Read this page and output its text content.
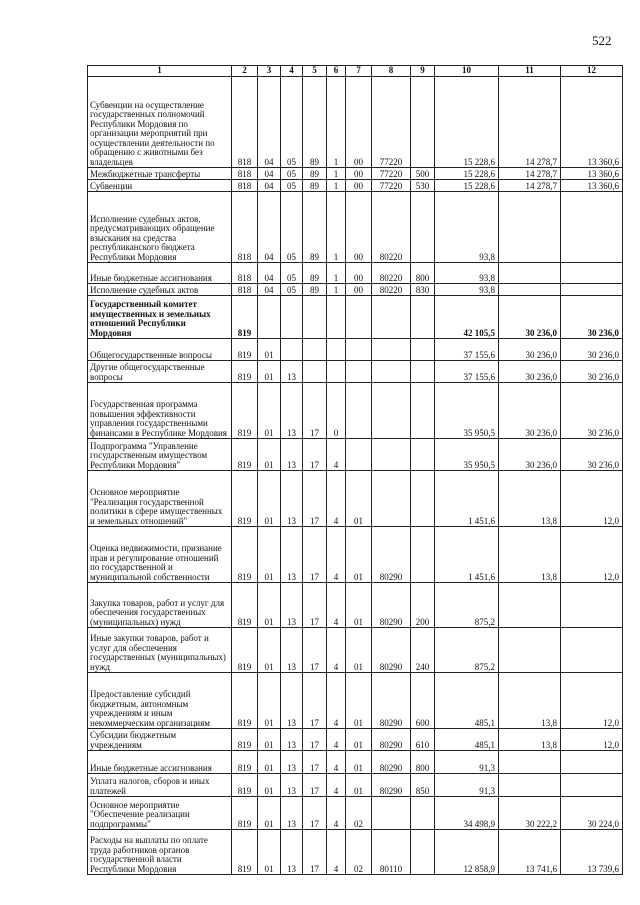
522
1	2	3	4	5	6	7	8	9	10	11	12
Субвенции на осуществление государственных полномочий Республики Мордовия по организации мероприятий при осуществлении деятельности по обращению с животными без владельцев	818	04	05	89	1	00	77220		15 228,6	14 278,7	13 360,6
Межбюджетные трансферты	818	04	05	89	1	00	77220	500	15 228,6	14 278,7	13 360,6
Субвенции	818	04	05	89	1	00	77220	530	15 228,6	14 278,7	13 360,6
Исполнение судебных актов, предусматривающих обращение взыскания на средства республиканского бюджета Республики Мордовия	818	04	05	89	1	00	80220		93,8		
Иные бюджетные ассигнования	818	04	05	89	1	00	80220	800	93,8		
Исполнение судебных актов	818	04	05	89	1	00	80220	830	93,8		
Государственный комитет имущественных и земельных отношений Республики Мордовия	819								42 105,5	30 236,0	30 236,0
Общегосударственные вопросы	819	01							37 155,6	30 236,0	30 236,0
Другие общегосударственные вопросы	819	01	13						37 155,6	30 236,0	30 236,0
Государственная программа повышения эффективности управления государственными финансами в Республике Мордовия	819	01	13	17	0				35 950,5	30 236,0	30 236,0
Подпрограмма "Управление государственным имуществом Республики Мордовия"	819	01	13	17	4				35 950,5	30 236,0	30 236,0
Основное мероприятие "Реализация государственной политики в сфере имущественных и земельных отношений"	819	01	13	17	4	01			1 451,6	13,8	12,0
Оценка недвижимости, признание прав и регулирование отношений по государственной и муниципальной собственности	819	01	13	17	4	01	80290		1 451,6	13,8	12,0
Закупка товаров, работ и услуг для обеспечения государственных (муниципальных) нужд	819	01	13	17	4	01	80290	200	875,2		
Иные закупки товаров, работ и услуг для обеспечения государственных (муниципальных) нужд	819	01	13	17	4	01	80290	240	875,2		
Предоставление субсидий бюджетным, автономным учреждениям и иным некоммерческим организациям	819	01	13	17	4	01	80290	600	485,1	13,8	12,0
Субсидии бюджетным учреждениям	819	01	13	17	4	01	80290	610	485,1	13,8	12,0
Иные бюджетные ассигнования	819	01	13	17	4	01	80290	800	91,3		
Уплата налогов, сборов и иных платежей	819	01	13	17	4	01	80290	850	91,3		
Основное мероприятие "Обеспечение реализации подпрограммы"	819	01	13	17	4	02			34 498,9	30 222,2	30 224,0
Расходы на выплаты по оплате труда работников органов государственной власти Республики Мордовия	819	01	13	17	4	02	80110		12 858,9	13 741,6	13 739,6
